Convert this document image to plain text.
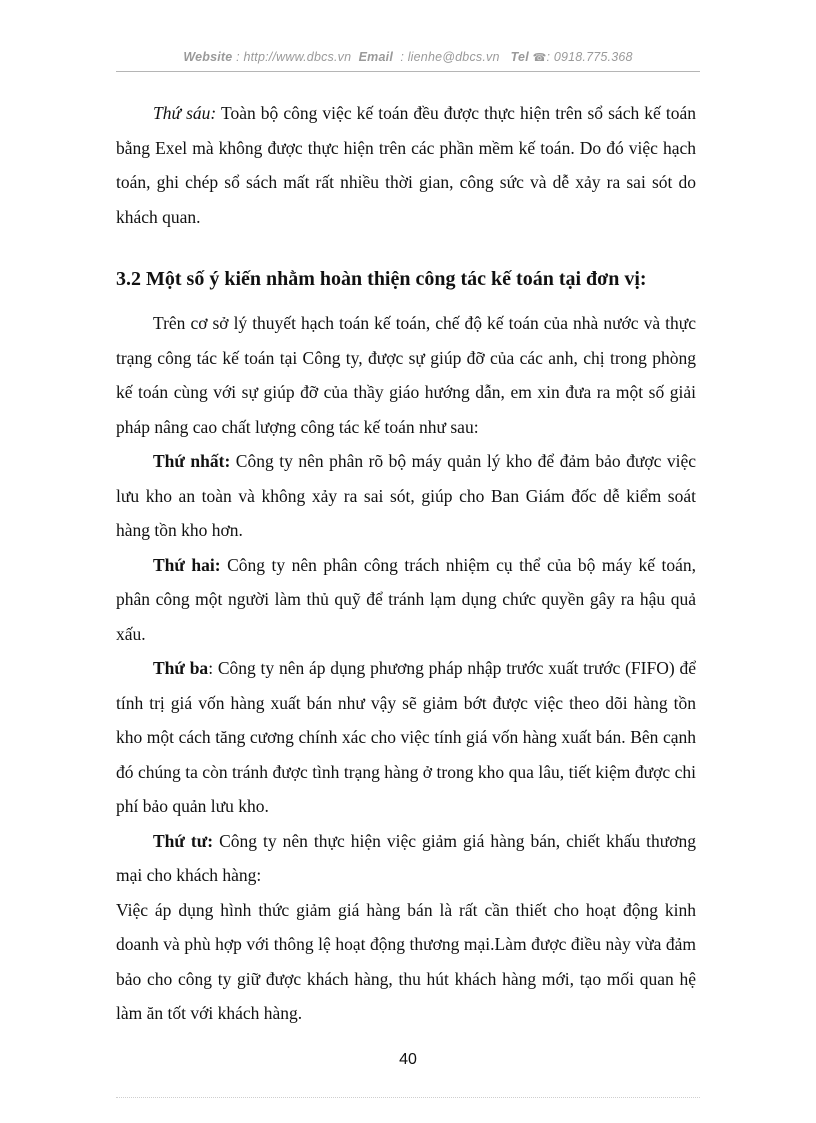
Website : http://www.dbcs.vn Email : lienhe@dbcs.vn Tel ☎: 0918.775.368

Thứ sáu: Toàn bộ công việc kế toán đều được thực hiện trên sổ sách kế toán bằng Exel mà không được thực hiện trên các phần mềm kế toán. Do đó việc hạch toán, ghi chép sổ sách mất rất nhiều thời gian, công sức và dễ xảy ra sai sót do khách quan.

3.2 Một số ý kiến nhằm hoàn thiện công tác kế toán tại đơn vị:

Trên cơ sở lý thuyết hạch toán kế toán, chế độ kế toán của nhà nước và thực trạng công tác kế toán tại Công ty, được sự giúp đỡ của các anh, chị trong phòng kế toán cùng với sự giúp đỡ của thầy giáo hướng dẫn, em xin đưa ra một số giải pháp nâng cao chất lượng công tác kế toán như sau:

Thứ nhất: Công ty nên phân rõ bộ máy quản lý kho để đảm bảo được việc lưu kho an toàn và không xảy ra sai sót, giúp cho Ban Giám đốc dễ kiểm soát hàng tồn kho hơn.

Thứ hai: Công ty nên phân công trách nhiệm cụ thể của bộ máy kế toán, phân công một người làm thủ quỹ để tránh lạm dụng chức quyền gây ra hậu quả xấu.

Thứ ba: Công ty nên áp dụng phương pháp nhập trước xuất trước (FIFO) để tính trị giá vốn hàng xuất bán như vậy sẽ giảm bớt được việc theo dõi hàng tồn kho một cách tăng cương chính xác cho việc tính giá vốn hàng xuất bán. Bên cạnh đó chúng ta còn tránh được tình trạng hàng ở trong kho qua lâu, tiết kiệm được chi phí bảo quản lưu kho.

Thứ tư: Công ty nên thực hiện việc giảm giá hàng bán, chiết khấu thương mại cho khách hàng:

Việc áp dụng hình thức giảm giá hàng bán là rất cần thiết cho hoạt động kinh doanh và phù hợp với thông lệ hoạt động thương mại.Làm được điều này vừa đảm bảo cho công ty giữ được khách hàng, thu hút khách hàng mới, tạo mối quan hệ làm ăn tốt với khách hàng.

40
